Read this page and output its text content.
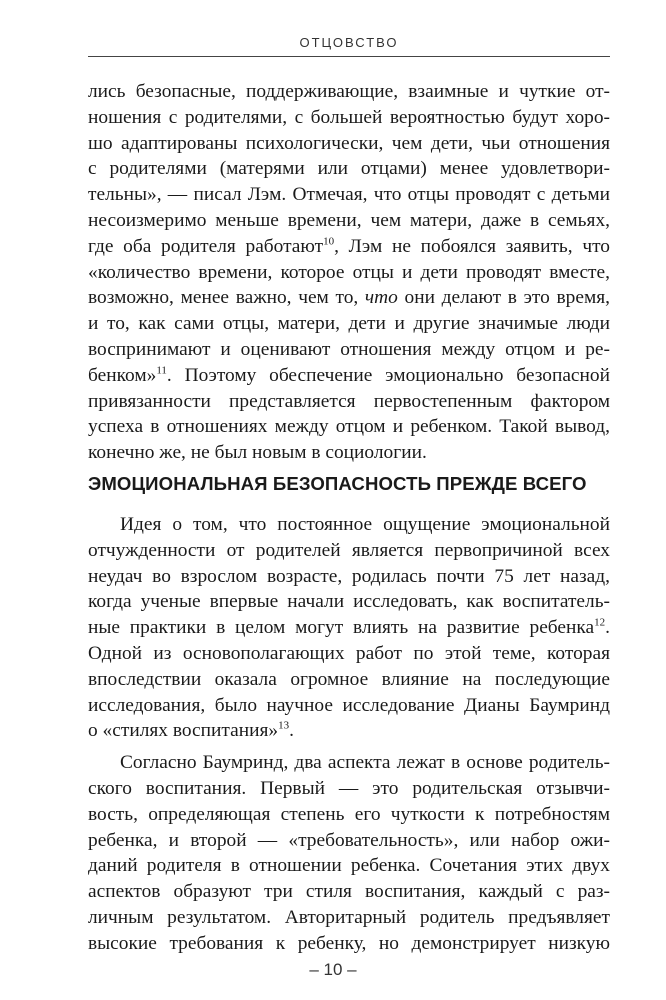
ОТЦОВСТВО
лись безопасные, поддерживающие, взаимные и чуткие от-
ношения с родителями, с большей вероятностью будут хоро-
шо адаптированы психологически, чем дети, чьи отношения
с родителями (матерями или отцами) менее удовлетвори-
тельны», — писал Лэм. Отмечая, что отцы проводят с детьми
несоизмеримо меньше времени, чем матери, даже в семьях,
где оба родителя работают$^{10}$, Лэм не побоялся заявить, что
«количество времени, которое отцы и дети проводят вместе,
возможно, менее важно, чем то, что они делают в это время,
и то, как сами отцы, матери, дети и другие значимые люди
воспринимают и оценивают отношения между отцом и ре-
бенком»$^{11}$. Поэтому обеспечение эмоционально безопасной
привязанности представляется первостепенным фактором
успеха в отношениях между отцом и ребенком. Такой вывод,
конечно же, не был новым в социологии.
ЭМОЦИОНАЛЬНАЯ БЕЗОПАСНОСТЬ ПРЕЖДЕ ВСЕГО
Идея о том, что постоянное ощущение эмоциональной
отчужденности от родителей является первопричиной всех
неудач во взрослом возрасте, родилась почти 75 лет назад,
когда ученые впервые начали исследовать, как воспитатель-
ные практики в целом могут влиять на развитие ребенка$^{12}$.
Одной из основополагающих работ по этой теме, которая
впоследствии оказала огромное влияние на последующие
исследования, было научное исследование Дианы Баумринд
о «стилях воспитания»$^{13}$.
Согласно Баумринд, два аспекта лежат в основе родитель-
ского воспитания. Первый — это родительская отзывчи-
вость, определяющая степень его чуткости к потребностям
ребенка, и второй — «требовательность», или набор ожи-
даний родителя в отношении ребенка. Сочетания этих двух
аспектов образуют три стиля воспитания, каждый с раз-
личным результатом. Авторитарный родитель предъявляет
высокие требования к ребенку, но демонстрирует низкую
– 10 –
